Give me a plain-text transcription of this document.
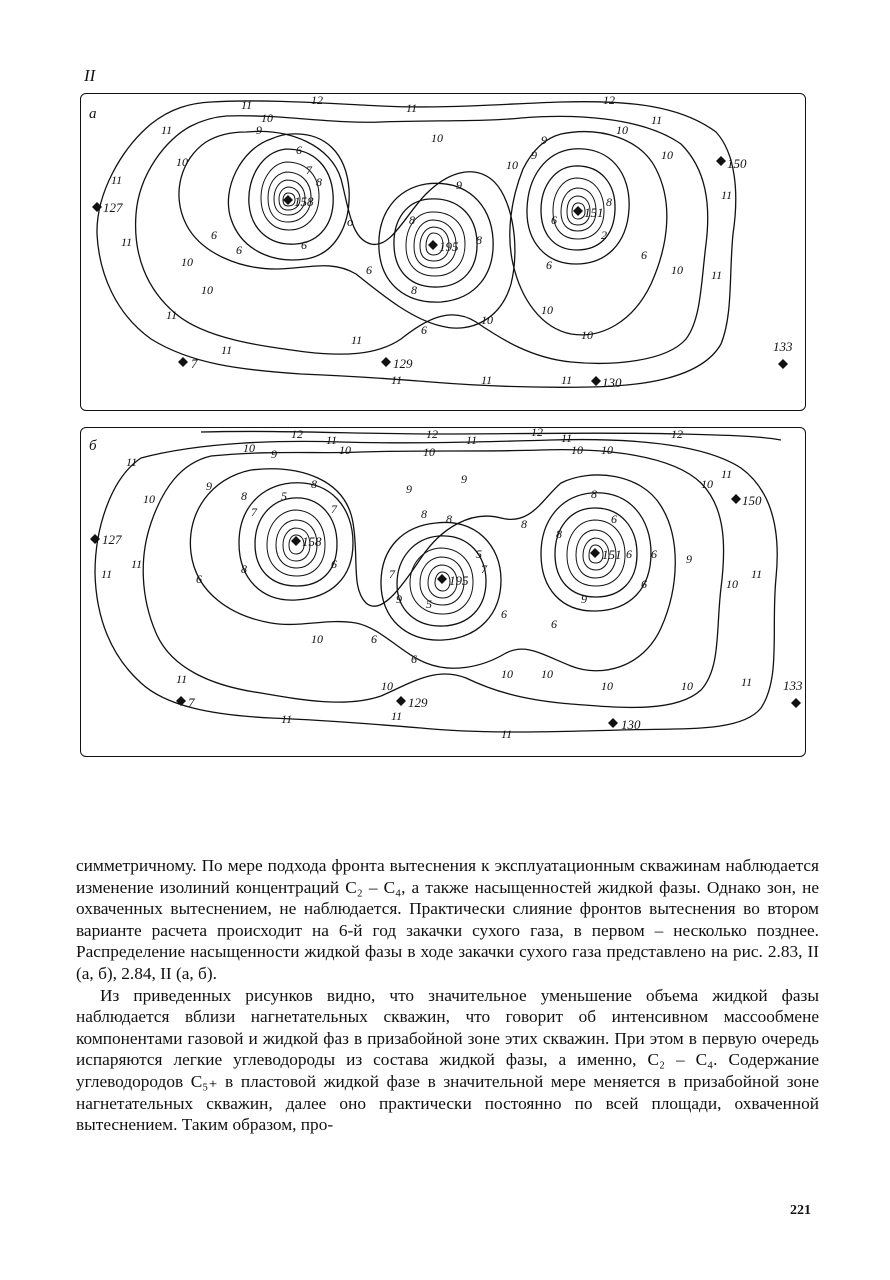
II
а
127	158
195
151
150
7	129
130
133
о
12	12
11	11
11
11
11
11
10
9
10
6
10
10
6	6
6
7
8
10
9
8
8
6
8
6
10
10
9
9
10
10
8
6
2
6
6	10
10
10
11
11
11
11
11
11	11	11
б
127	158
195
151
150
7	129
130
133
12	12	12	12
11	11	11
10	10	10	10 10
9
11
10
9
8
7
5
8
7
6
8
6
10
11
11
9
9
8 8
5
7
7
9 5
6
6
6
10
10
8
8
8
6
6 6
6
9
6
9
10
10
11
11
10	11
10
10
11	11
11
11

симметричному. По мере подхода фронта вытеснения к эксплуатационным скважинам наблюдается изменение изолиний концентраций C₂ – C₄, а также насыщенностей жидкой фазы. Однако зон, не охваченных вытеснением, не наблюдается. Практически слияние фронтов вытеснения во втором варианте расчета происходит на 6-й год закачки сухого газа, в первом – несколько позднее. Распределение насыщенности жидкой фазы в ходе закачки сухого газа представлено на рис. 2.83, II (а, б), 2.84, II (а, б).

Из приведенных рисунков видно, что значительное уменьшение объема жидкой фазы наблюдается вблизи нагнетательных скважин, что говорит об интенсивном массообмене компонентами газовой и жидкой фаз в призабойной зоне этих скважин. При этом в первую очередь испаряются легкие углеводороды из состава жидкой фазы, а именно, C₂ – C₄. Содержание углеводородов C₅₊ в пластовой жидкой фазе в значительной мере меняется в призабойной зоне нагнетательных скважин, далее оно практически постоянно по всей площади, охваченной вытеснением. Таким образом, про-

221
